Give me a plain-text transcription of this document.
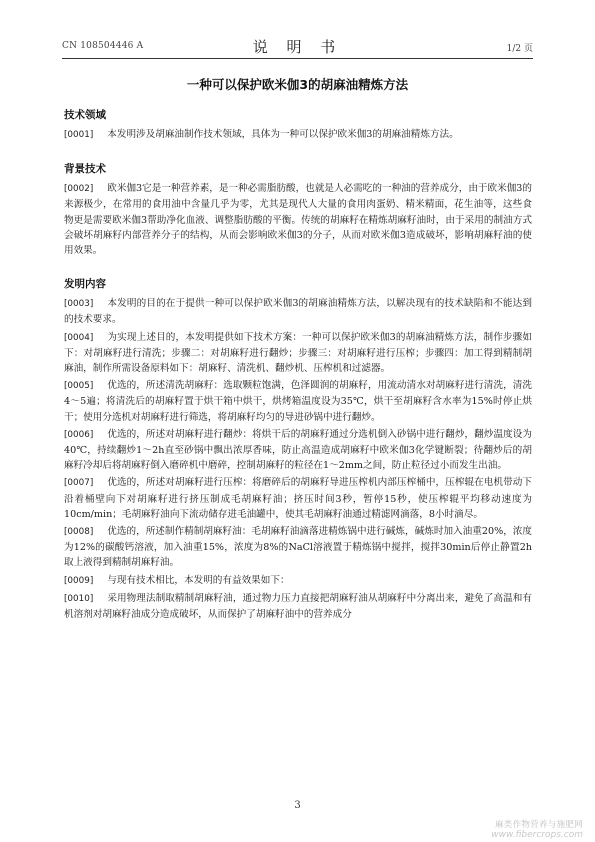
CN 108504446 A	说 明 书	1/2 页
一种可以保护欧米伽3的胡麻油精炼方法
技术领域
[0001] 本发明涉及胡麻油制作技术领域，具体为一种可以保护欧米伽3的胡麻油精炼方法。
背景技术
[0002] 欧米伽3它是一种营养素，是一种必需脂肪酸，也就是人必需吃的一种油的营养成分，由于欧米伽3的来源极少，在常用的食用油中含量几乎为零，尤其是现代人大量的食用肉蛋奶、精米精面，花生油等，这些食物更是需要欧米伽3帮助净化血液、调整脂肪酸的平衡。传统的胡麻籽在精炼胡麻籽油时，由于采用的制油方式会破坏胡麻籽内部营养分子的结构，从而会影响欧米伽3的分子，从而对欧米伽3造成破坏，影响胡麻籽油的使用效果。
发明内容
[0003] 本发明的目的在于提供一种可以保护欧米伽3的胡麻油精炼方法，以解决现有的技术缺陷和不能达到的技术要求。
[0004] 为实现上述目的，本发明提供如下技术方案：一种可以保护欧米伽3的胡麻油精炼方法，制作步骤如下：对胡麻籽进行清洗；步骤二：对胡麻籽进行翻炒；步骤三：对胡麻籽进行压榨；步骤四：加工得到精制胡麻油，制作所需设备原料如下：胡麻籽、清洗机、翻炒机、压榨机和过滤器。
[0005] 优选的，所述清洗胡麻籽：选取颗粒饱满，色泽圆润的胡麻籽，用流动清水对胡麻籽进行清洗，清洗4～5遍；将清洗后的胡麻籽置于烘干箱中烘干，烘烤箱温度设为35℃，烘干至胡麻籽含水率为15%时停止烘干；使用分选机对胡麻籽进行筛选，将胡麻籽均匀的导进砂锅中进行翻炒。
[0006] 优选的，所述对胡麻籽进行翻炒：将烘干后的胡麻籽通过分选机倒入砂锅中进行翻炒，翻炒温度设为40℃，持续翻炒1～2h直至砂锅中飘出浓厚香味，防止高温造成胡麻籽中欧米伽3化学键断裂；待翻炒后的胡麻籽冷却后将胡麻籽倒入磨碎机中磨碎，控制胡麻籽的粒径在1～2mm之间，防止粒径过小而发生出油。
[0007] 优选的，所述对胡麻籽进行压榨：将磨碎后的胡麻籽导进压榨机内部压榨桶中，压榨辊在电机带动下沿着桶壁向下对胡麻籽进行挤压制成毛胡麻籽油；挤压时间3秒，暂停15秒，使压榨辊平均移动速度为10cm/min；毛胡麻籽油向下流动储存进毛油罐中，使其毛胡麻籽油通过精滤网滴落，8小时滴尽。
[0008] 优选的，所述制作精制胡麻籽油：毛胡麻籽油滴落进精炼锅中进行碱炼，碱炼时加入油重20%，浓度为12%的碳酸钙溶液，加入油重15%，浓度为8%的NaCl溶液置于精炼锅中搅拌，搅拌30min后停止静置2h取上液得到精制胡麻籽油。
[0009] 与现有技术相比，本发明的有益效果如下：
[0010] 采用物理法制取精制胡麻籽油，通过物力压力直接把胡麻籽油从胡麻籽中分离出来，避免了高温和有机溶剂对胡麻籽油成分造成破坏，从而保护了胡麻籽油中的营养成分
3
麻类作物营养与施肥网
www.fibercrops.com
